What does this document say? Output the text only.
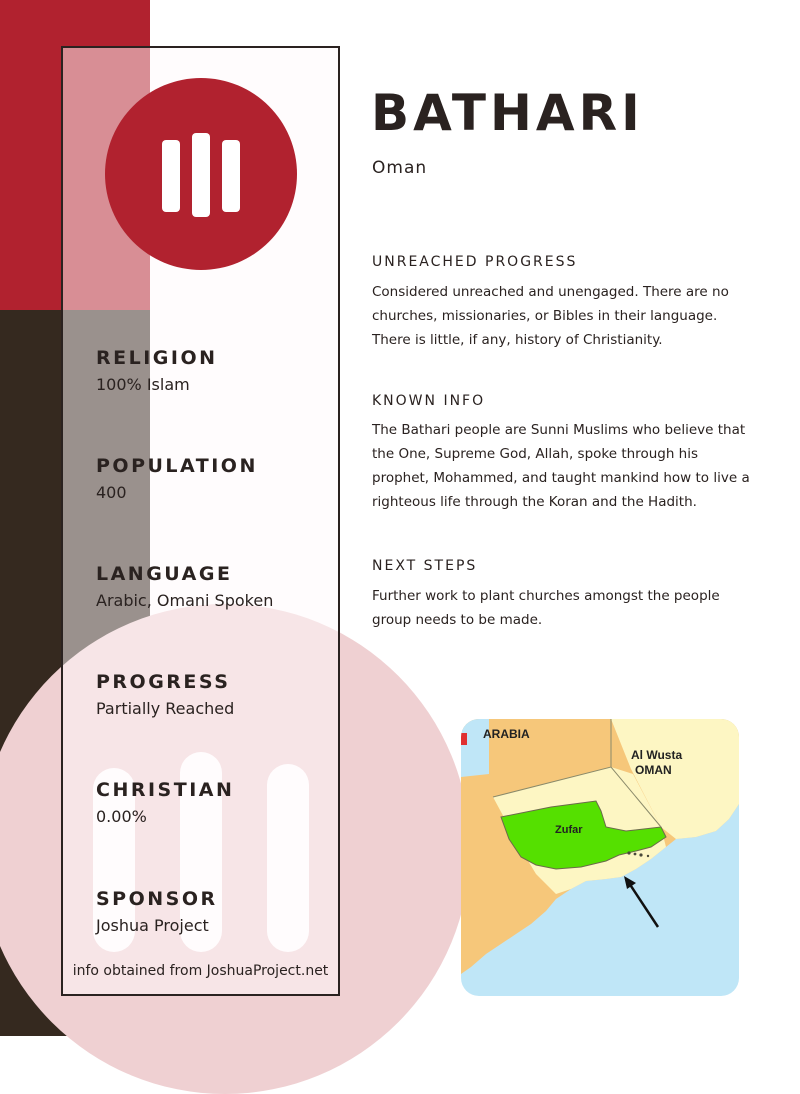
RELIGION
100% Islam
POPULATION
400
LANGUAGE
Arabic, Omani Spoken
PROGRESS
Partially Reached
CHRISTIAN
0.00%
SPONSOR
Joshua Project
info obtained from JoshuaProject.net
BATHARI
Oman
UNREACHED PROGRESS
Considered unreached and unengaged. There are no churches, missionaries, or Bibles in their language. There is little, if any, history of Christianity.
KNOWN INFO
The Bathari people are Sunni Muslims who believe that the One, Supreme God, Allah, spoke through his prophet, Mohammed, and taught mankind how to live a righteous life through the Koran and the Hadith.
NEXT STEPS
Further work to plant churches amongst the people group needs to be made.
ARABIA
Al Wusta
OMAN
Zufar
